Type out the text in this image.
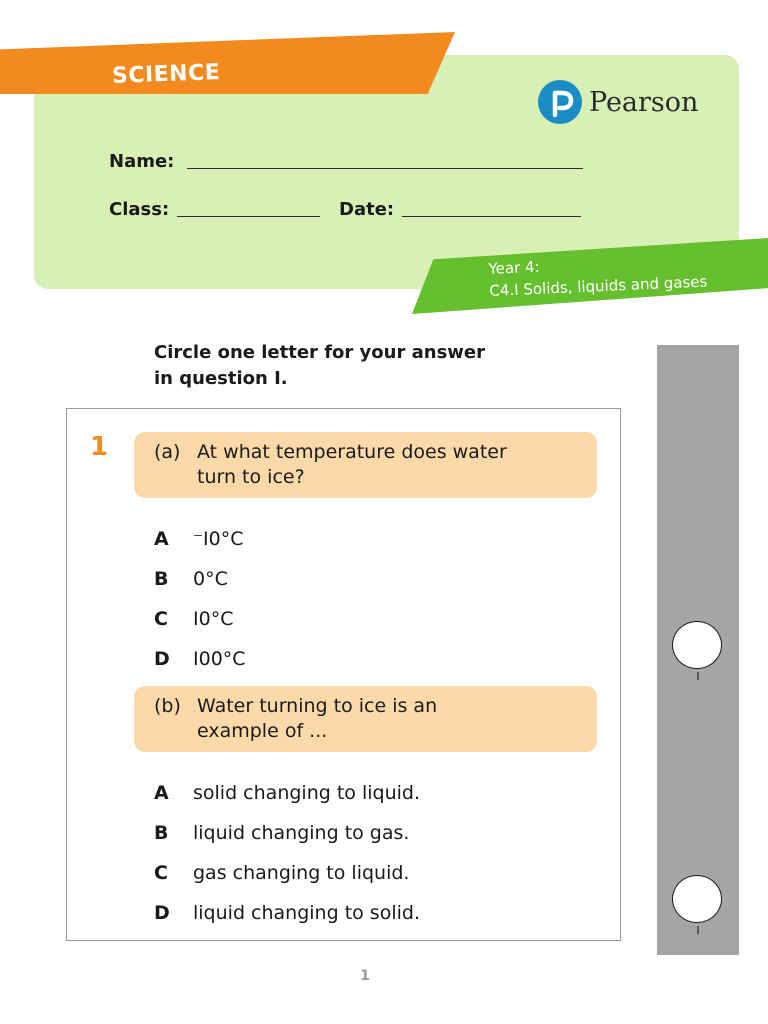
SCIENCE
Pearson
Name:
Class:	Date:
Year 4:
C4.I Solids, liquids and gases
Circle one letter for your answer
in question I.
I
I
1 (a) At what temperature does water
turn to ice?
A	⁻I0°C
B	0°C
C	I0°C
D	I00°C
(b) Water turning to ice is an
example of ...
A	solid changing to liquid.
B	liquid changing to gas.
C	gas changing to liquid.
D	liquid changing to solid.
1
